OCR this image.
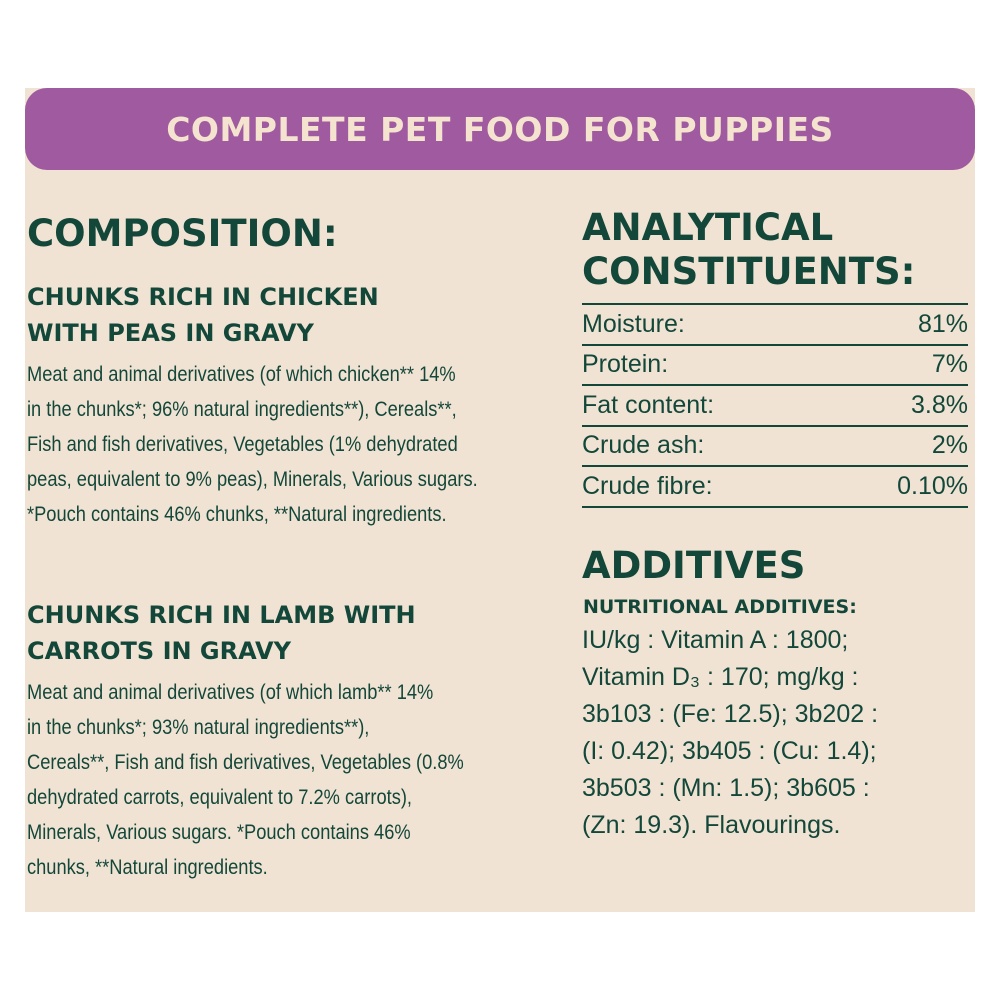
COMPLETE PET FOOD FOR PUPPIES
COMPOSITION:
CHUNKS RICH IN CHICKEN
WITH PEAS IN GRAVY
Meat and animal derivatives (of which chicken** 14%
in the chunks*; 96% natural ingredients**), Cereals**,
Fish and fish derivatives, Vegetables (1% dehydrated
peas, equivalent to 9% peas), Minerals, Various sugars.
*Pouch contains 46% chunks, **Natural ingredients.
CHUNKS RICH IN LAMB WITH
CARROTS IN GRAVY
Meat and animal derivatives (of which lamb** 14%
in the chunks*; 93% natural ingredients**),
Cereals**, Fish and fish derivatives, Vegetables (0.8%
dehydrated carrots, equivalent to 7.2% carrots),
Minerals, Various sugars. *Pouch contains 46%
chunks, **Natural ingredients.
ANALYTICAL
CONSTITUENTS:
Moisture:	81%
Protein:	7%
Fat content:	3.8%
Crude ash:	2%
Crude fibre:	0.10%
ADDITIVES
NUTRITIONAL ADDITIVES:
IU/kg : Vitamin A : 1800;
Vitamin D₃ : 170; mg/kg :
3b103 : (Fe: 12.5); 3b202 :
(I: 0.42); 3b405 : (Cu: 1.4);
3b503 : (Mn: 1.5); 3b605 :
(Zn: 19.3). Flavourings.
